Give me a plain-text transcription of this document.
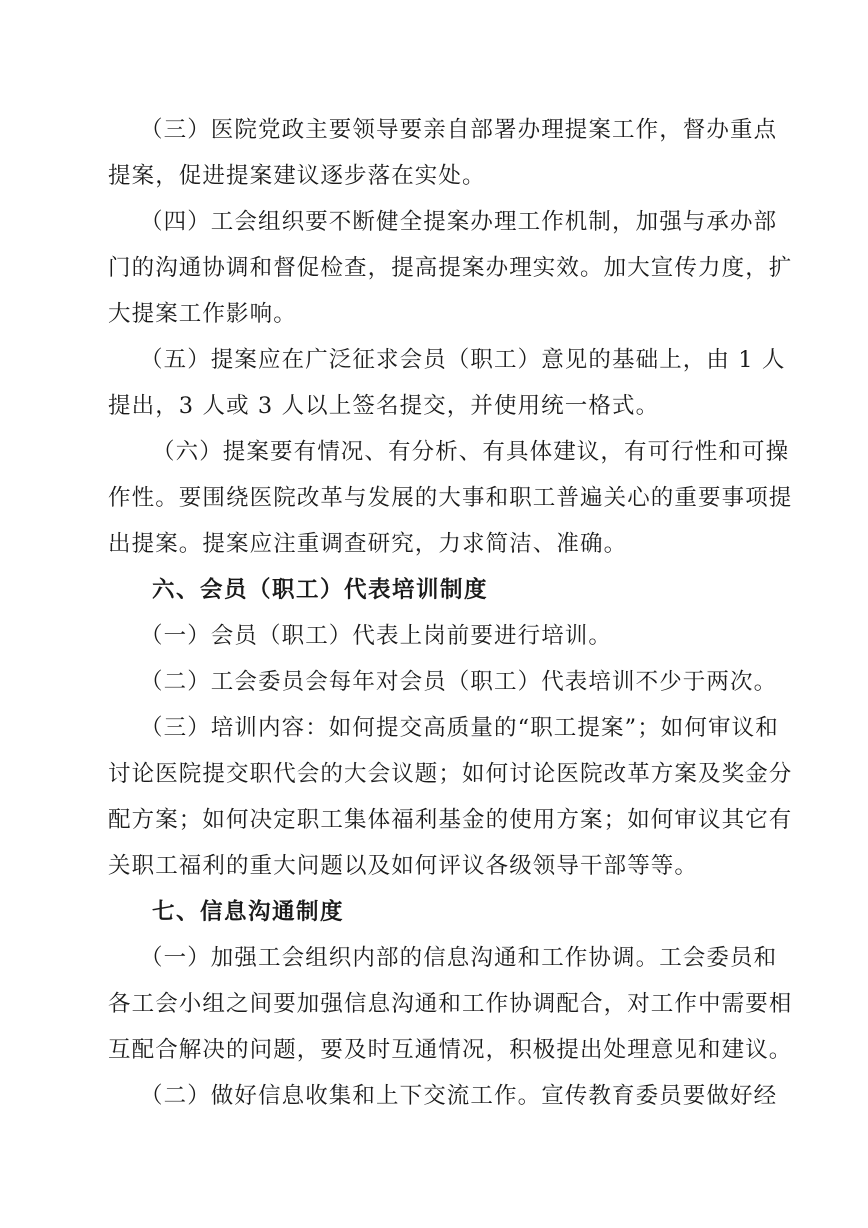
（三）医院党政主要领导要亲自部署办理提案工作，督办重点
提案，促进提案建议逐步落在实处。
（四）工会组织要不断健全提案办理工作机制，加强与承办部
门的沟通协调和督促检查，提高提案办理实效。加大宣传力度，扩
大提案工作影响。
（五）提案应在广泛征求会员（职工）意见的基础上，由 1 人
提出，3 人或 3 人以上签名提交，并使用统一格式。
（六）提案要有情况、有分析、有具体建议，有可行性和可操
作性。要围绕医院改革与发展的大事和职工普遍关心的重要事项提
出提案。提案应注重调查研究，力求简洁、准确。
六、会员（职工）代表培训制度
（一）会员（职工）代表上岗前要进行培训。
（二）工会委员会每年对会员（职工）代表培训不少于两次。
（三）培训内容：如何提交高质量的“职工提案”；如何审议和
讨论医院提交职代会的大会议题；如何讨论医院改革方案及奖金分
配方案；如何决定职工集体福利基金的使用方案；如何审议其它有
关职工福利的重大问题以及如何评议各级领导干部等等。
七、信息沟通制度
（一）加强工会组织内部的信息沟通和工作协调。工会委员和
各工会小组之间要加强信息沟通和工作协调配合，对工作中需要相
互配合解决的问题，要及时互通情况，积极提出处理意见和建议。
（二）做好信息收集和上下交流工作。宣传教育委员要做好经
